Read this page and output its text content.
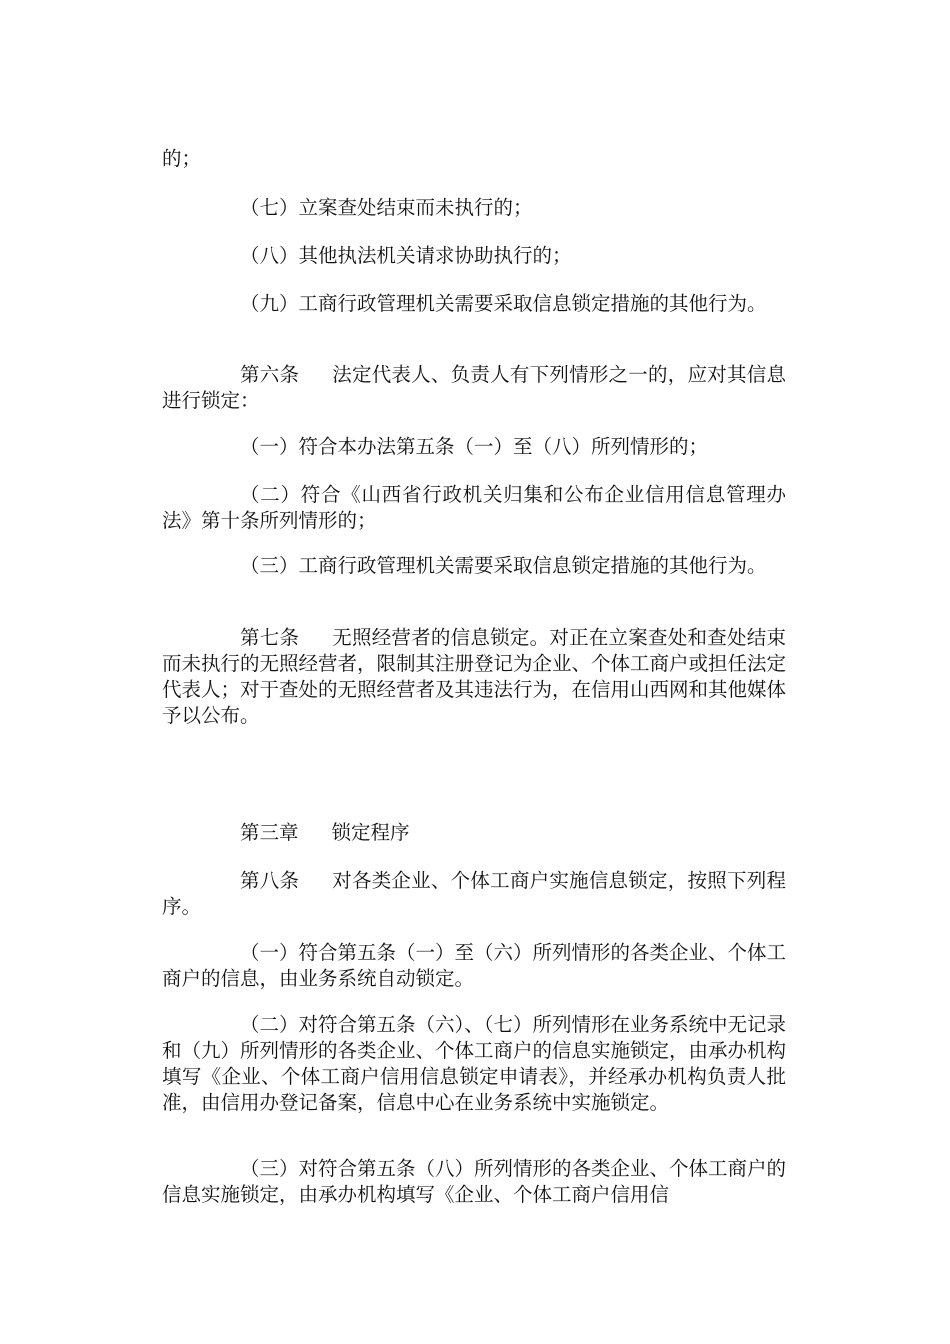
的；

（七）立案查处结束而未执行的；

（八）其他执法机关请求协助执行的；

（九）工商行政管理机关需要采取信息锁定措施的其他行为。

第六条 法定代表人、负责人有下列情形之一的，应对其信息进行锁定：

（一）符合本办法第五条（一）至（八）所列情形的；

（二）符合《山西省行政机关归集和公布企业信用信息管理办法》第十条所列情形的；

（三）工商行政管理机关需要采取信息锁定措施的其他行为。

第七条 无照经营者的信息锁定。对正在立案查处和查处结束而未执行的无照经营者，限制其注册登记为企业、个体工商户或担任法定代表人；对于查处的无照经营者及其违法行为，在信用山西网和其他媒体予以公布。

第三章 锁定程序

第八条 对各类企业、个体工商户实施信息锁定，按照下列程序。

（一）符合第五条（一）至（六）所列情形的各类企业、个体工商户的信息，由业务系统自动锁定。

（二）对符合第五条（六）、（七）所列情形在业务系统中无记录和（九）所列情形的各类企业、个体工商户的信息实施锁定，由承办机构填写《企业、个体工商户信用信息锁定申请表》，并经承办机构负责人批准，由信用办登记备案，信息中心在业务系统中实施锁定。

（三）对符合第五条（八）所列情形的各类企业、个体工商户的信息实施锁定，由承办机构填写《企业、个体工商户信用信
